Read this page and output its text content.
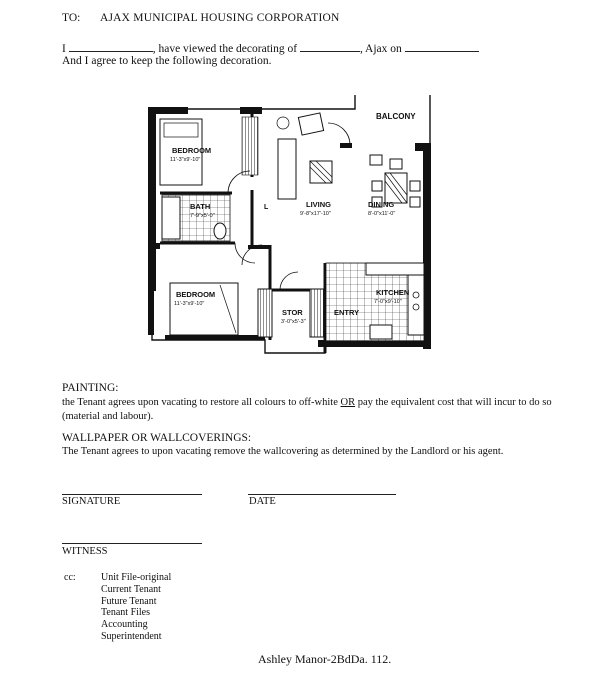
TO: AJAX MUNICIPAL HOUSING CORPORATION
I	, have viewed the decorating of	, Ajax on
And I agree to keep the following decoration.
BALCONY
BEDROOM
11'-3"x9'-10"
BATH
7'-9"x5'-0"
L	LIVING
9'-8"x17'-10"
DINING
8'-0"x11'-0"
KITCHEN
7'-0"x9'-10"
BEDROOM
11'-3"x9'-10"
STOR
3'-0"x5'-3"
ENTRY
PAINTING:
the Tenant agrees upon vacating to restore all colours to off-white OR pay the equivalent cost that will incur to do so (material and labour).
WALLPAPER OR WALLCOVERINGS:
The Tenant agrees to upon vacating remove the wallcovering as determined by the Landlord or his agent.
SIGNATURE	DATE
WITNESS
cc:	Unit File-original
Current Tenant
Future Tenant
Tenant Files
Accounting
Superintendent
Ashley Manor-2BdDa. 112.
